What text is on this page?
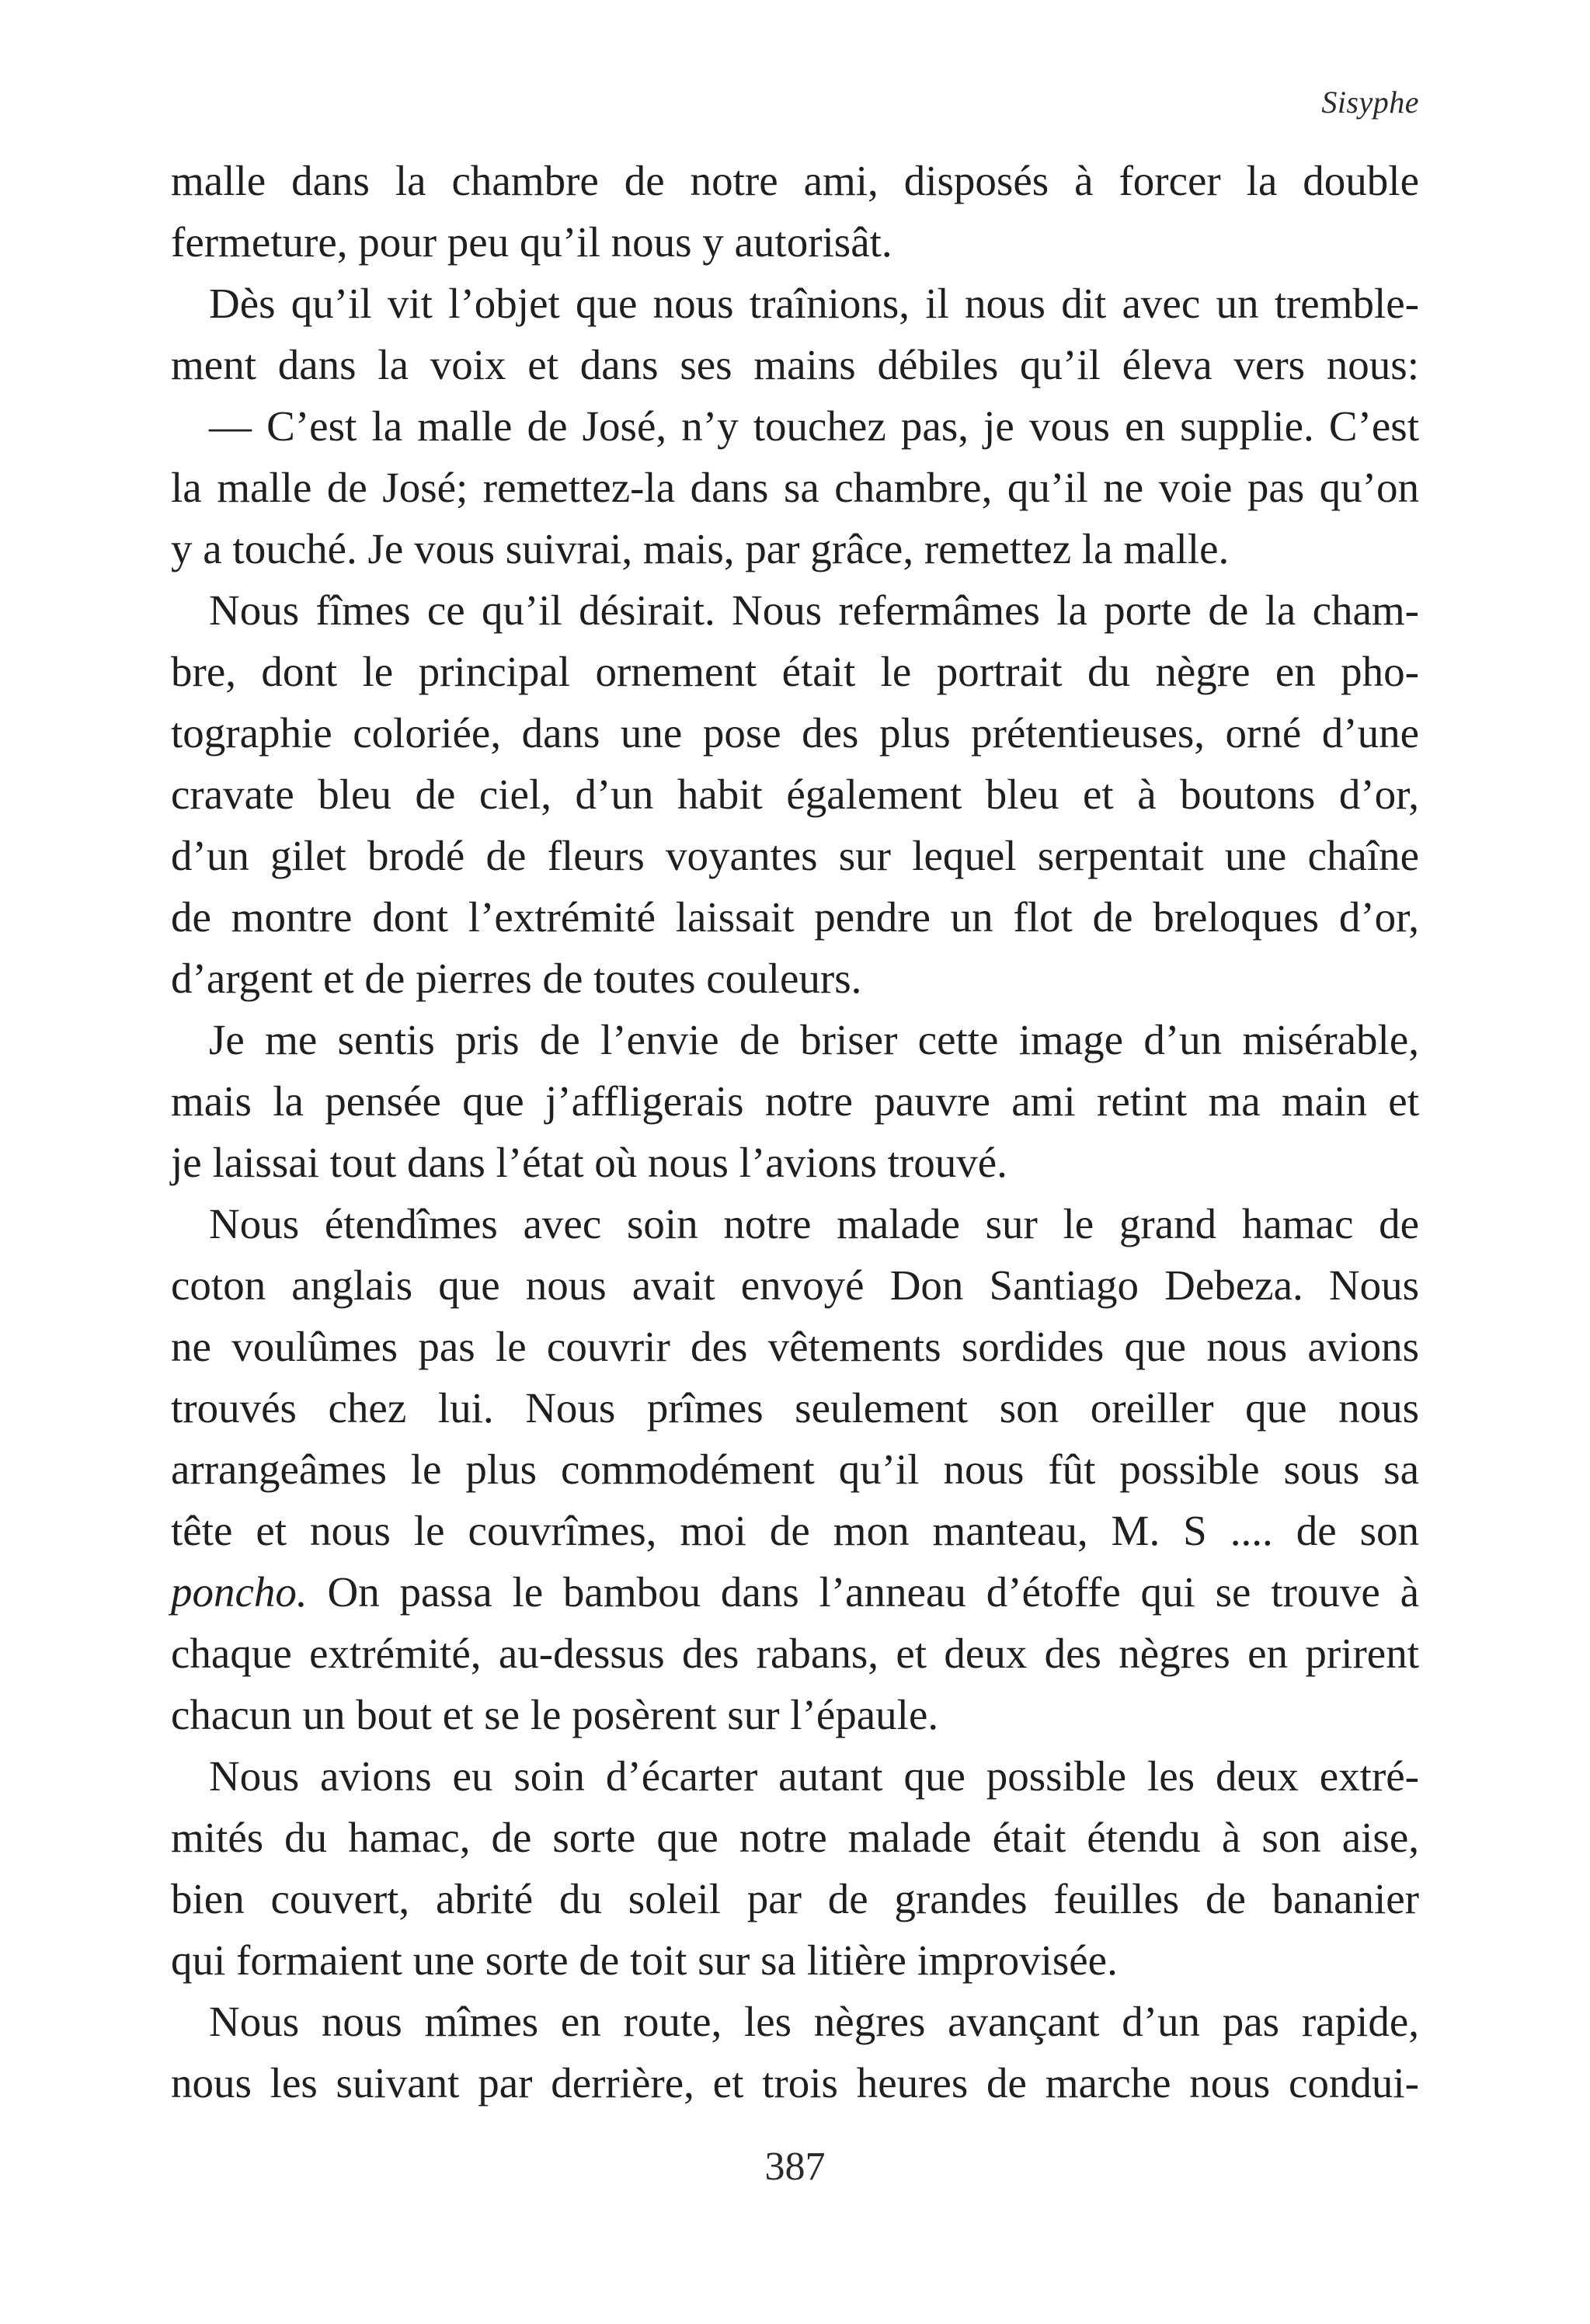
Sisyphe
malle dans la chambre de notre ami, disposés à forcer la double
fermeture, pour peu qu’il nous y autorisât.
Dès qu’il vit l’objet que nous traînions, il nous dit avec un tremble-
ment dans la voix et dans ses mains débiles qu’il éleva vers nous:
— C’est la malle de José, n’y touchez pas, je vous en supplie. C’est
la malle de José; remettez-la dans sa chambre, qu’il ne voie pas qu’on
y a touché. Je vous suivrai, mais, par grâce, remettez la malle.
Nous fîmes ce qu’il désirait. Nous refermâmes la porte de la cham-
bre, dont le principal ornement était le portrait du nègre en pho-
tographie coloriée, dans une pose des plus prétentieuses, orné d’une
cravate bleu de ciel, d’un habit également bleu et à boutons d’or,
d’un gilet brodé de fleurs voyantes sur lequel serpentait une chaîne
de montre dont l’extrémité laissait pendre un flot de breloques d’or,
d’argent et de pierres de toutes couleurs.
Je me sentis pris de l’envie de briser cette image d’un misérable,
mais la pensée que j’affligerais notre pauvre ami retint ma main et
je laissai tout dans l’état où nous l’avions trouvé.
Nous étendîmes avec soin notre malade sur le grand hamac de
coton anglais que nous avait envoyé Don Santiago Debeza. Nous
ne voulûmes pas le couvrir des vêtements sordides que nous avions
trouvés chez lui. Nous prîmes seulement son oreiller que nous
arrangeâmes le plus commodément qu’il nous fût possible sous sa
tête et nous le couvrîmes, moi de mon manteau, M. S .... de son
poncho. On passa le bambou dans l’anneau d’étoffe qui se trouve à
chaque extrémité, au-dessus des rabans, et deux des nègres en prirent
chacun un bout et se le posèrent sur l’épaule.
Nous avions eu soin d’écarter autant que possible les deux extré-
mités du hamac, de sorte que notre malade était étendu à son aise,
bien couvert, abrité du soleil par de grandes feuilles de bananier
qui formaient une sorte de toit sur sa litière improvisée.
Nous nous mîmes en route, les nègres avançant d’un pas rapide,
nous les suivant par derrière, et trois heures de marche nous condui-
387
